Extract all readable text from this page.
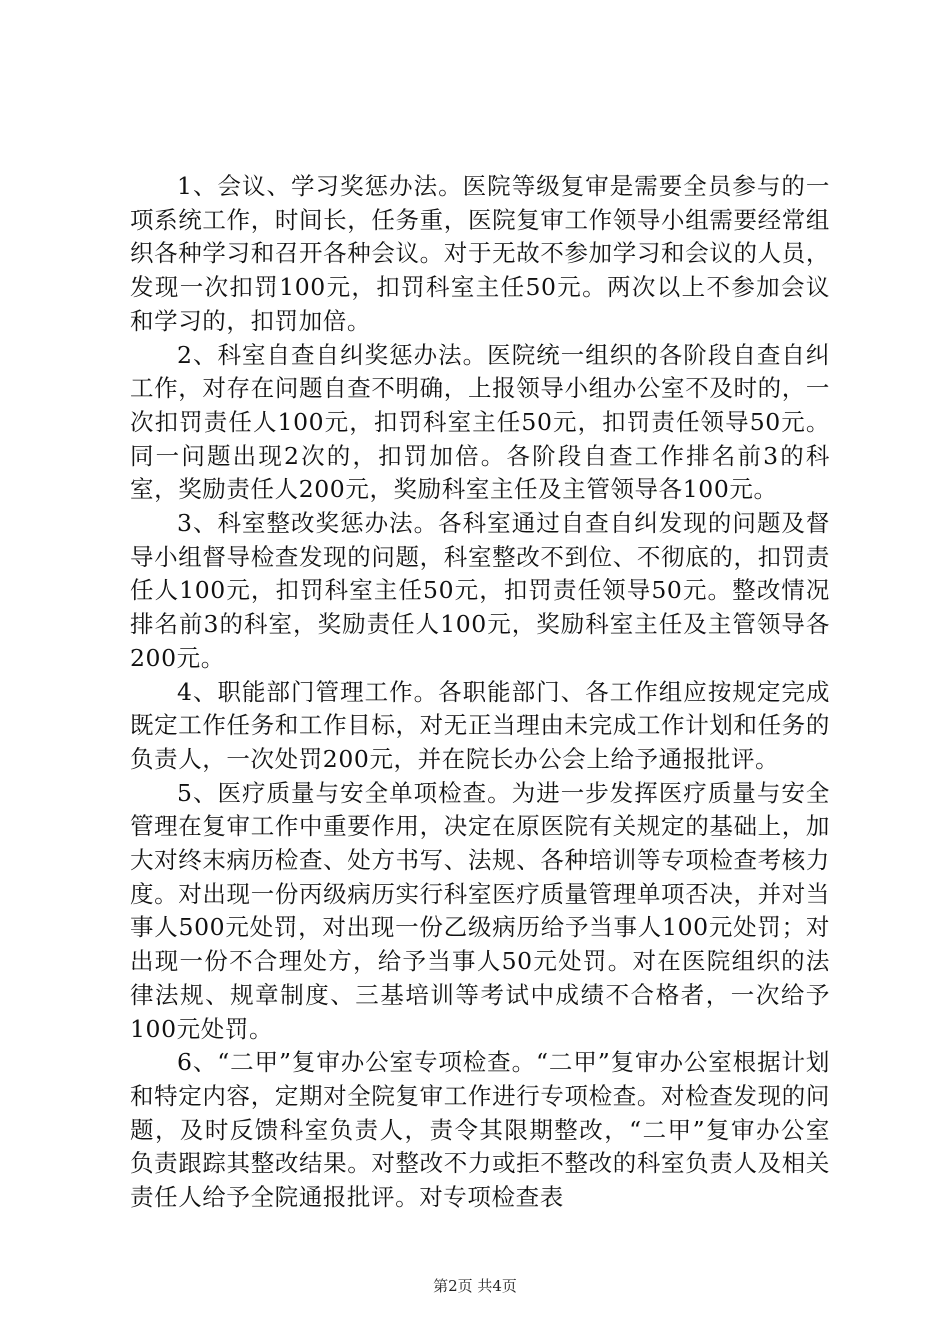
1、会议、学习奖惩办法。医院等级复审是需要全员参与的一项系统工作，时间长，任务重，医院复审工作领导小组需要经常组织各种学习和召开各种会议。对于无故不参加学习和会议的人员，发现一次扣罚100元，扣罚科室主任50元。两次以上不参加会议和学习的，扣罚加倍。

2、科室自查自纠奖惩办法。医院统一组织的各阶段自查自纠工作，对存在问题自查不明确，上报领导小组办公室不及时的，一次扣罚责任人100元，扣罚科室主任50元，扣罚责任领导50元。同一问题出现2次的，扣罚加倍。各阶段自查工作排名前3的科室，奖励责任人200元，奖励科室主任及主管领导各100元。

3、科室整改奖惩办法。各科室通过自查自纠发现的问题及督导小组督导检查发现的问题，科室整改不到位、不彻底的，扣罚责任人100元，扣罚科室主任50元，扣罚责任领导50元。整改情况排名前3的科室，奖励责任人100元，奖励科室主任及主管领导各200元。

4、职能部门管理工作。各职能部门、各工作组应按规定完成既定工作任务和工作目标，对无正当理由未完成工作计划和任务的负责人，一次处罚200元，并在院长办公会上给予通报批评。

5、医疗质量与安全单项检查。为进一步发挥医疗质量与安全管理在复审工作中重要作用，决定在原医院有关规定的基础上，加大对终末病历检查、处方书写、法规、各种培训等专项检查考核力度。对出现一份丙级病历实行科室医疗质量管理单项否决，并对当事人500元处罚，对出现一份乙级病历给予当事人100元处罚；对出现一份不合理处方，给予当事人50元处罚。对在医院组织的法律法规、规章制度、三基培训等考试中成绩不合格者，一次给予100元处罚。

6、“二甲”复审办公室专项检查。“二甲”复审办公室根据计划和特定内容，定期对全院复审工作进行专项检查。对检查发现的问题，及时反馈科室负责人，责令其限期整改，“二甲”复审办公室负责跟踪其整改结果。对整改不力或拒不整改的科室负责人及相关责任人给予全院通报批评。对专项检查表

第2页 共4页
